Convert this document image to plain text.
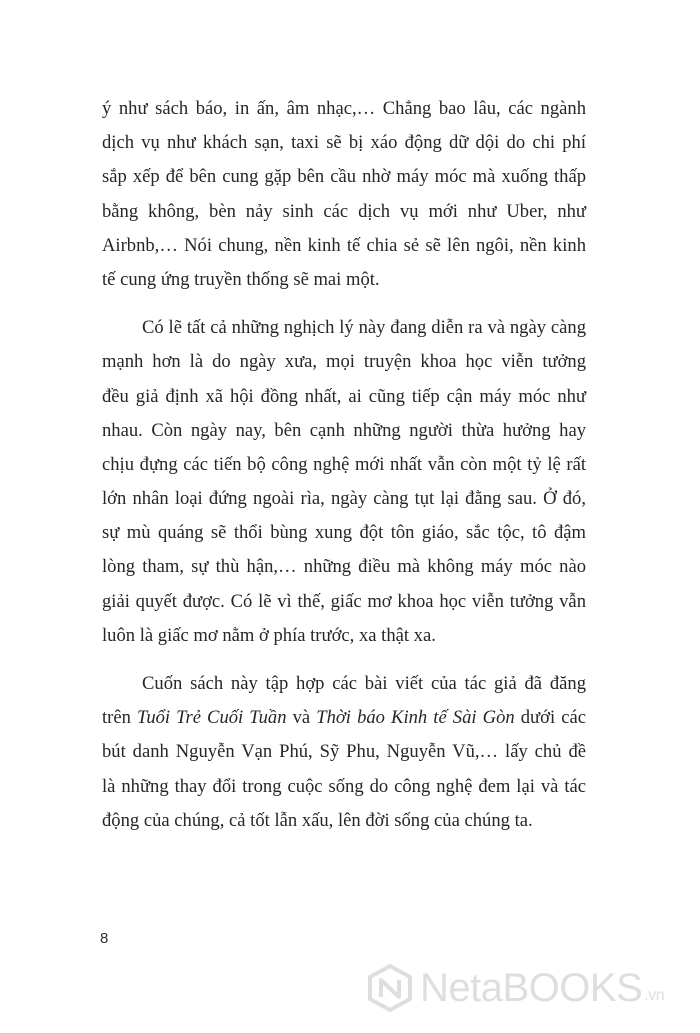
ý như sách báo, in ấn, âm nhạc,… Chẳng bao lâu, các ngành
dịch vụ như khách sạn, taxi sẽ bị xáo động dữ dội do chi phí
sắp xếp để bên cung gặp bên cầu nhờ máy móc mà xuống thấp
bằng không, bèn nảy sinh các dịch vụ mới như Uber, như
Airbnb,… Nói chung, nền kinh tế chia sẻ sẽ lên ngôi, nền kinh
tế cung ứng truyền thống sẽ mai một.
Có lẽ tất cả những nghịch lý này đang diễn ra và ngày càng
mạnh hơn là do ngày xưa, mọi truyện khoa học viễn tưởng
đều giả định xã hội đồng nhất, ai cũng tiếp cận máy móc như
nhau. Còn ngày nay, bên cạnh những người thừa hưởng hay
chịu đựng các tiến bộ công nghệ mới nhất vẫn còn một tỷ lệ rất
lớn nhân loại đứng ngoài rìa, ngày càng tụt lại đằng sau. Ở đó,
sự mù quáng sẽ thổi bùng xung đột tôn giáo, sắc tộc, tô đậm
lòng tham, sự thù hận,… những điều mà không máy móc nào
giải quyết được. Có lẽ vì thế, giấc mơ khoa học viễn tưởng vẫn
luôn là giấc mơ nằm ở phía trước, xa thật xa.
Cuốn sách này tập hợp các bài viết của tác giả đã đăng
trên Tuổi Trẻ Cuối Tuần và Thời báo Kinh tế Sài Gòn dưới các
bút danh Nguyễn Vạn Phú, Sỹ Phu, Nguyễn Vũ,… lấy chủ đề
là những thay đổi trong cuộc sống do công nghệ đem lại và tác
động của chúng, cả tốt lẫn xấu, lên đời sống của chúng ta.
8
NetaBOOKS .vn
